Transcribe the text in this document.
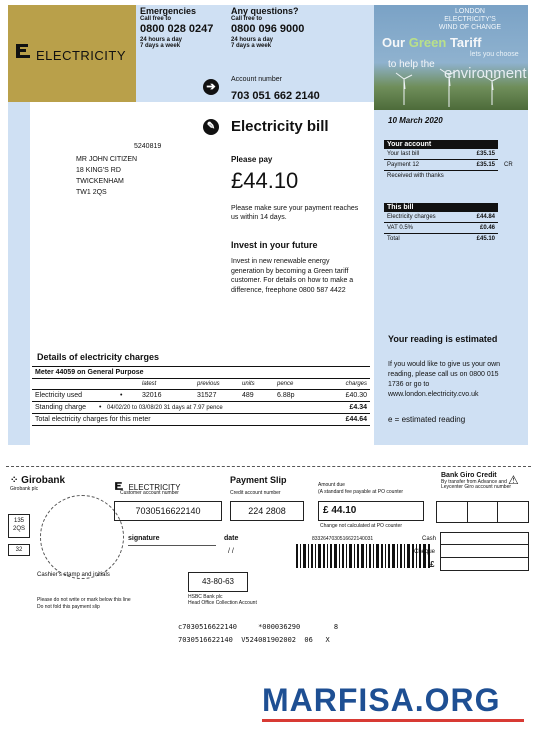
ELECTRICITY
Emergencies
Call free to
0800 028 0247
24 hours a day
7 days a week
Any questions?
Call free to
0800 096 9000
24 hours a day
7 days a week
➔
Account number
703 051 662 2140
LONDON
ELECTRICITY'S
WIND OF CHANGE
Our Green Tariff
lets you choose
to help the
environment
✎ Electricity bill
5240819
MR JOHN CITIZEN
18 KING'S RD
TWICKENHAM
TW1 2QS
Please pay
£44.10
Please make sure your payment reaches us within 14 days.
Invest in your future
Invest in new renewable energy generation by becoming a Green tariff customer. For details on how to make a difference, freephone 0800 587 4422
10 March 2020
Your account
Your last bill	£35.15
Payment 12	£35.15 CR
Received with thanks
This bill
Electricity charges	£44.84
VAT 0.5%	£0.46
Total	£45.10
Your reading is estimated
If you would like to give us your own reading, please call us on 0800 015 1736 or go to www.london.electricity.cvo.uk
e = estimated reading
Details of electricity charges
Meter 44059 on General Purpose
latest	previous	units	pence	charges
Electricity used	•	32016	31527	489	6.88p	£40.30
Standing charge	• 04/02/20 to 03/08/20 31 days at 7.97 pence	£4.34
Total electricity charges for this meter	£44.64
⁘ Girobank
Girobank plc
135
2QS
32
Cashier's stamp and initials
Please do not write or mark below this line
Do not fold this payment slip
ELECTRICITY
Customer account number
7030516622140
Payment Slip
Credit account number
224 2808
Amount due
(A standard fee payable at PO counter
£ 44.10
Change not calculated at PO counter
Bank Giro Credit
By transfer from Advance and
Leycenter Giro account number
⚠
signature	date
/ /
8332647030516622140031	Cash
Cheque
£
43-80-63
HSBC Bank plc
Head Office Collection Account
c7030516622140     *000036290        8
7030516622140  V524081902002  06   X
MARFISA.ORG
